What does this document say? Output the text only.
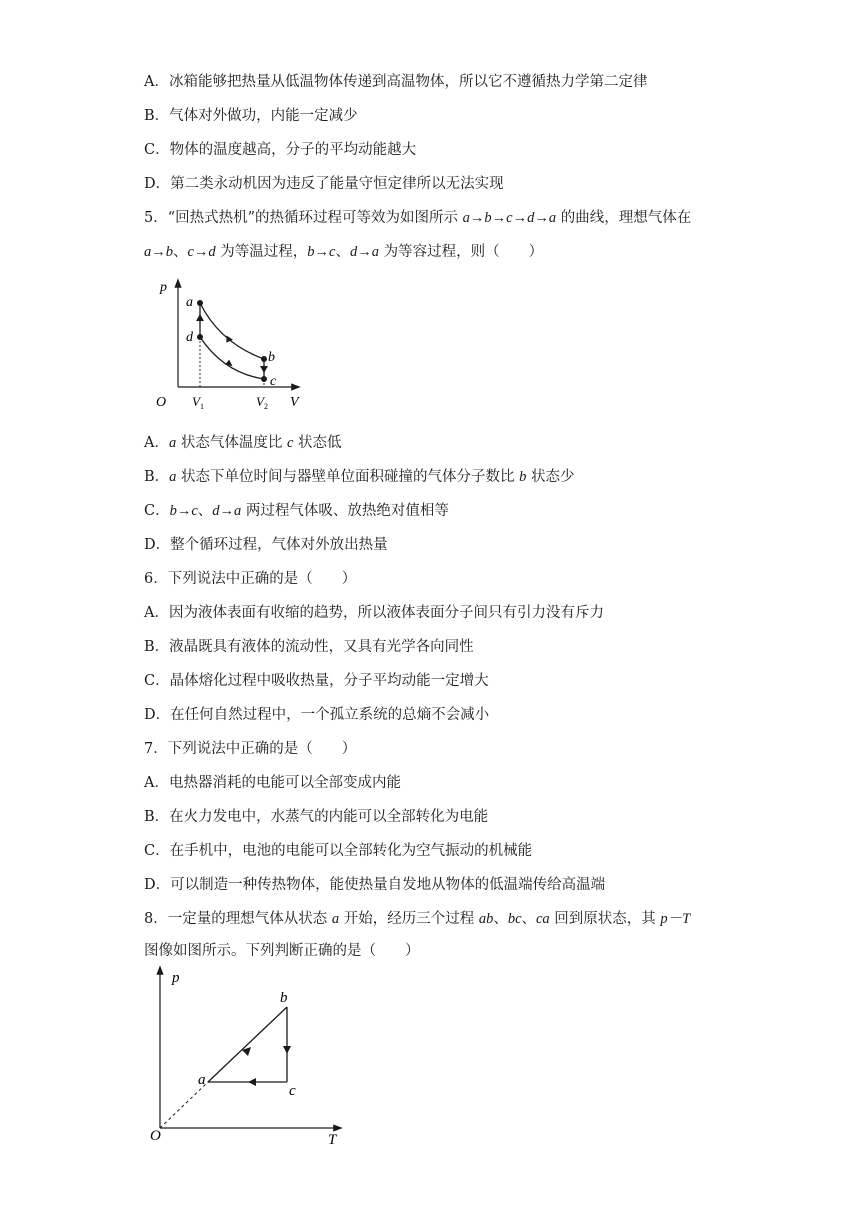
A．冰箱能够把热量从低温物体传递到高温物体，所以它不遵循热力学第二定律
B．气体对外做功，内能一定减少
C．物体的温度越高，分子的平均动能越大
D．第二类永动机因为违反了能量守恒定律所以无法实现
5．“回热式热机”的热循环过程可等效为如图所示 a→b→c→d→a 的曲线，理想气体在
a→b、c→d 为等温过程，b→c、d→a 为等容过程，则（　　）
p
V
O
a
d
b
c
$V_1$	$V_2$
A．a 状态气体温度比 c 状态低
B．a 状态下单位时间与器壁单位面积碰撞的气体分子数比 b 状态少
C．b→c、d→a 两过程气体吸、放热绝对值相等
D．整个循环过程，气体对外放出热量
6．下列说法中正确的是（　　）
A．因为液体表面有收缩的趋势，所以液体表面分子间只有引力没有斥力
B．液晶既具有液体的流动性，又具有光学各向同性
C．晶体熔化过程中吸收热量，分子平均动能一定增大
D．在任何自然过程中，一个孤立系统的总熵不会减小
7．下列说法中正确的是（　　）
A．电热器消耗的电能可以全部变成内能
B．在火力发电中，水蒸气的内能可以全部转化为电能
C．在手机中，电池的电能可以全部转化为空气振动的机械能
D．可以制造一种传热物体，能使热量自发地从物体的低温端传给高温端
8．一定量的理想气体从状态 a 开始，经历三个过程 ab、bc、ca 回到原状态，其 p－T
图像如图所示。下列判断正确的是（　　）
p
T
O
a
b
c
